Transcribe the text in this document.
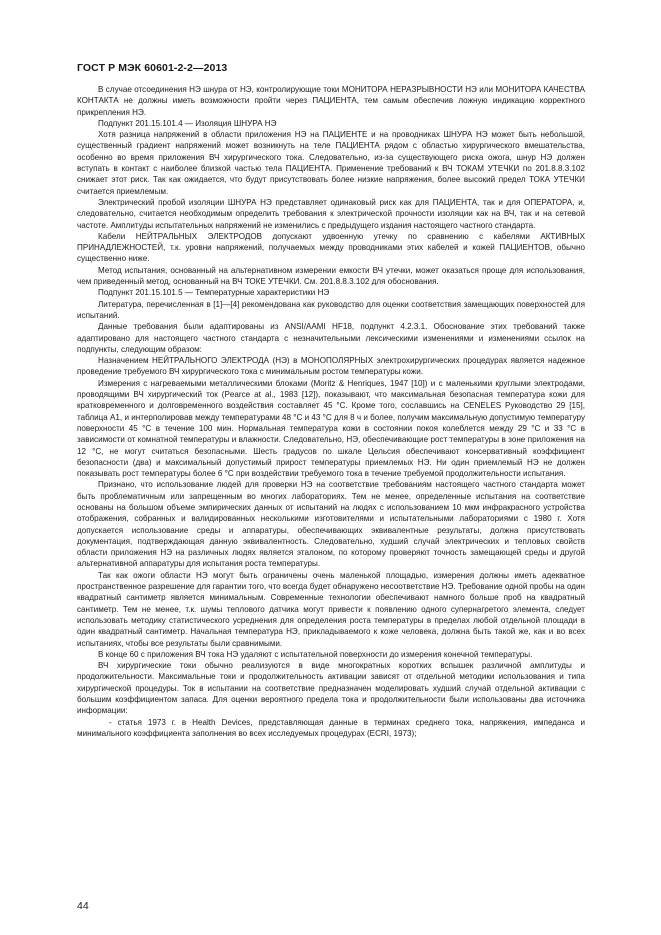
ГОСТ Р МЭК 60601-2-2—2013

В случае отсоединения НЭ шнура от НЭ, контролирующие токи МОНИТОРА НЕРАЗРЫВНОСТИ НЭ или МОНИТОРА КАЧЕСТВА КОНТАКТА не должны иметь возможности пройти через ПАЦИЕНТА, тем самым обеспечив ложную индикацию корректного прикрепления НЭ.

Подпункт 201.15.101.4 — Изоляция ШНУРА НЭ

Хотя разница напряжений в области приложения НЭ на ПАЦИЕНТЕ и на проводниках ШНУРА НЭ может быть небольшой, существенный градиент напряжений может возникнуть на теле ПАЦИЕНТА рядом с областью хирургического вмешательства, особенно во время приложения ВЧ хирургического тока. Следовательно, из-за существующего риска ожога, шнур НЭ должен вступать в контакт с наиболее близкой частью тела ПАЦИЕНТА. Применение требований к ВЧ ТОКАМ УТЕЧКИ по 201.8.8.3.102 снижает этот риск. Так как ожидается, что будут присутствовать более низкие напряжения, более высокий предел ТОКА УТЕЧКИ считается приемлемым.

Электрический пробой изоляции ШНУРА НЭ представляет одинаковый риск как для ПАЦИЕНТА, так и для ОПЕРАТОРА, и, следовательно, считается необходимым определить требования к электрической прочности изоляции как на ВЧ, так и на сетевой частоте. Амплитуды испытательных напряжений не изменились с предыдущего издания настоящего частного стандарта.

Кабели НЕЙТРАЛЬНЫХ ЭЛЕКТРОДОВ допускают удвоенную утечку по сравнению с кабелями АКТИВНЫХ ПРИНАДЛЕЖНОСТЕЙ, т.к. уровни напряжений, получаемых между проводниками этих кабелей и кожей ПАЦИЕНТОВ, обычно существенно ниже.

Метод испытания, основанный на альтернативном измерении емкости ВЧ утечки, может оказаться проще для использования, чем приведенный метод, основанный на ВЧ ТОКЕ УТЕЧКИ. См. 201.8.8.3.102 для обоснования.

Подпункт 201.15.101.5 — Температурные характеристики НЭ

Литература, перечисленная в [1]—[4] рекомендована как руководство для оценки соответствия замещающих поверхностей для испытаний.

Данные требования были адаптированы из ANSI/AAMI HF18, подпункт 4.2.3.1. Обоснование этих требований также адаптировано для настоящего частного стандарта с незначительными лексическими изменениями и изменениями ссылок на подпункты, следующим образом:

Назначением НЕЙТРАЛЬНОГО ЭЛЕКТРОДА (НЭ) в МОНОПОЛЯРНЫХ электрохирургических процедурах является надежное проведение требуемого ВЧ хирургического тока с минимальным ростом температуры кожи.

Измерения с нагреваемыми металлическими блоками (Moritz & Henriques, 1947 [10]) и с маленькими круглыми электродами, проводящими ВЧ хирургический ток (Pearce at al., 1983 [12]), показывают, что максимальная безопасная температура кожи для кратковременного и долговременного воздействия составляет 45 °C. Кроме того, сославшись на CENELES Руководство 29 [15], таблица A1, и интерполировав между температурами 48 °C и 43 °C для 8 ч и более, получим максимальную допустимую температуру поверхности 45 °C в течение 100 мин. Нормальная температура кожи в состоянии покоя колеблется между 29 °C и 33 °C в зависимости от комнатной температуры и влажности. Следовательно, НЭ, обеспечивающие рост температуры в зоне приложения на 12 °C, не могут считаться безопасными. Шесть градусов по шкале Цельсия обеспечивают консервативный коэффициент безопасности (два) и максимальный допустимый прирост температуры приемлемых НЭ. Ни один приемлемый НЭ не должен показывать рост температуры более 6 °C при воздействии требуемого тока в течение требуемой продолжительности испытания.

Признано, что использование людей для проверки НЭ на соответствие требованиям настоящего частного стандарта может быть проблематичным или запрещенным во многих лабораториях. Тем не менее, определенные испытания на соответствие основаны на большом объеме эмпирических данных от испытаний на людях с использованием 10 мкм инфракрасного устройства отображения, собранных и валидированных несколькими изготовителями и испытательными лабораториями с 1980 г. Хотя допускается использование среды и аппаратуры, обеспечивающих эквивалентные результаты, должна присутствовать документация, подтверждающая данную эквивалентность. Следовательно, худший случай электрических и тепловых свойств области приложения НЭ на различных людях является эталоном, по которому проверяют точность замещающей среды и другой альтернативной аппаратуры для испытания роста температуры.

Так как ожоги области НЭ могут быть ограничены очень маленькой площадью, измерения должны иметь адекватное пространственное разрешение для гарантии того, что всегда будет обнаружено несоответствие НЭ. Требование одной пробы на один квадратный сантиметр является минимальным. Современные технологии обеспечивают намного больше проб на квадратный сантиметр. Тем не менее, т.к. шумы теплового датчика могут привести к появлению одного супернагретого элемента, следует использовать методику статистического усреднения для определения роста температуры в пределах любой отдельной площади в один квадратный сантиметр. Начальная температура НЭ, прикладываемого к коже человека, должна быть такой же, как и во всех испытаниях, чтобы все результаты были сравнимыми.

В конце 60 с приложения ВЧ тока НЭ удаляют с испытательной поверхности до измерения конечной температуры.

ВЧ хирургические токи обычно реализуются в виде многократных коротких вспышек различной амплитуды и продолжительности. Максимальные токи и продолжительность активации зависят от отдельной методики использования и типа хирургической процедуры. Ток в испытании на соответствие предназначен моделировать худший случай отдельной активации с большим коэффициентом запаса. Для оценки вероятного предела тока и продолжительности были использованы два источника информации:

- статья 1973 г. в Health Devices, представляющая данные в терминах среднего тока, напряжения, импеданса и минимального коэффициента заполнения во всех исследуемых процедурах (ECRI, 1973);

44
